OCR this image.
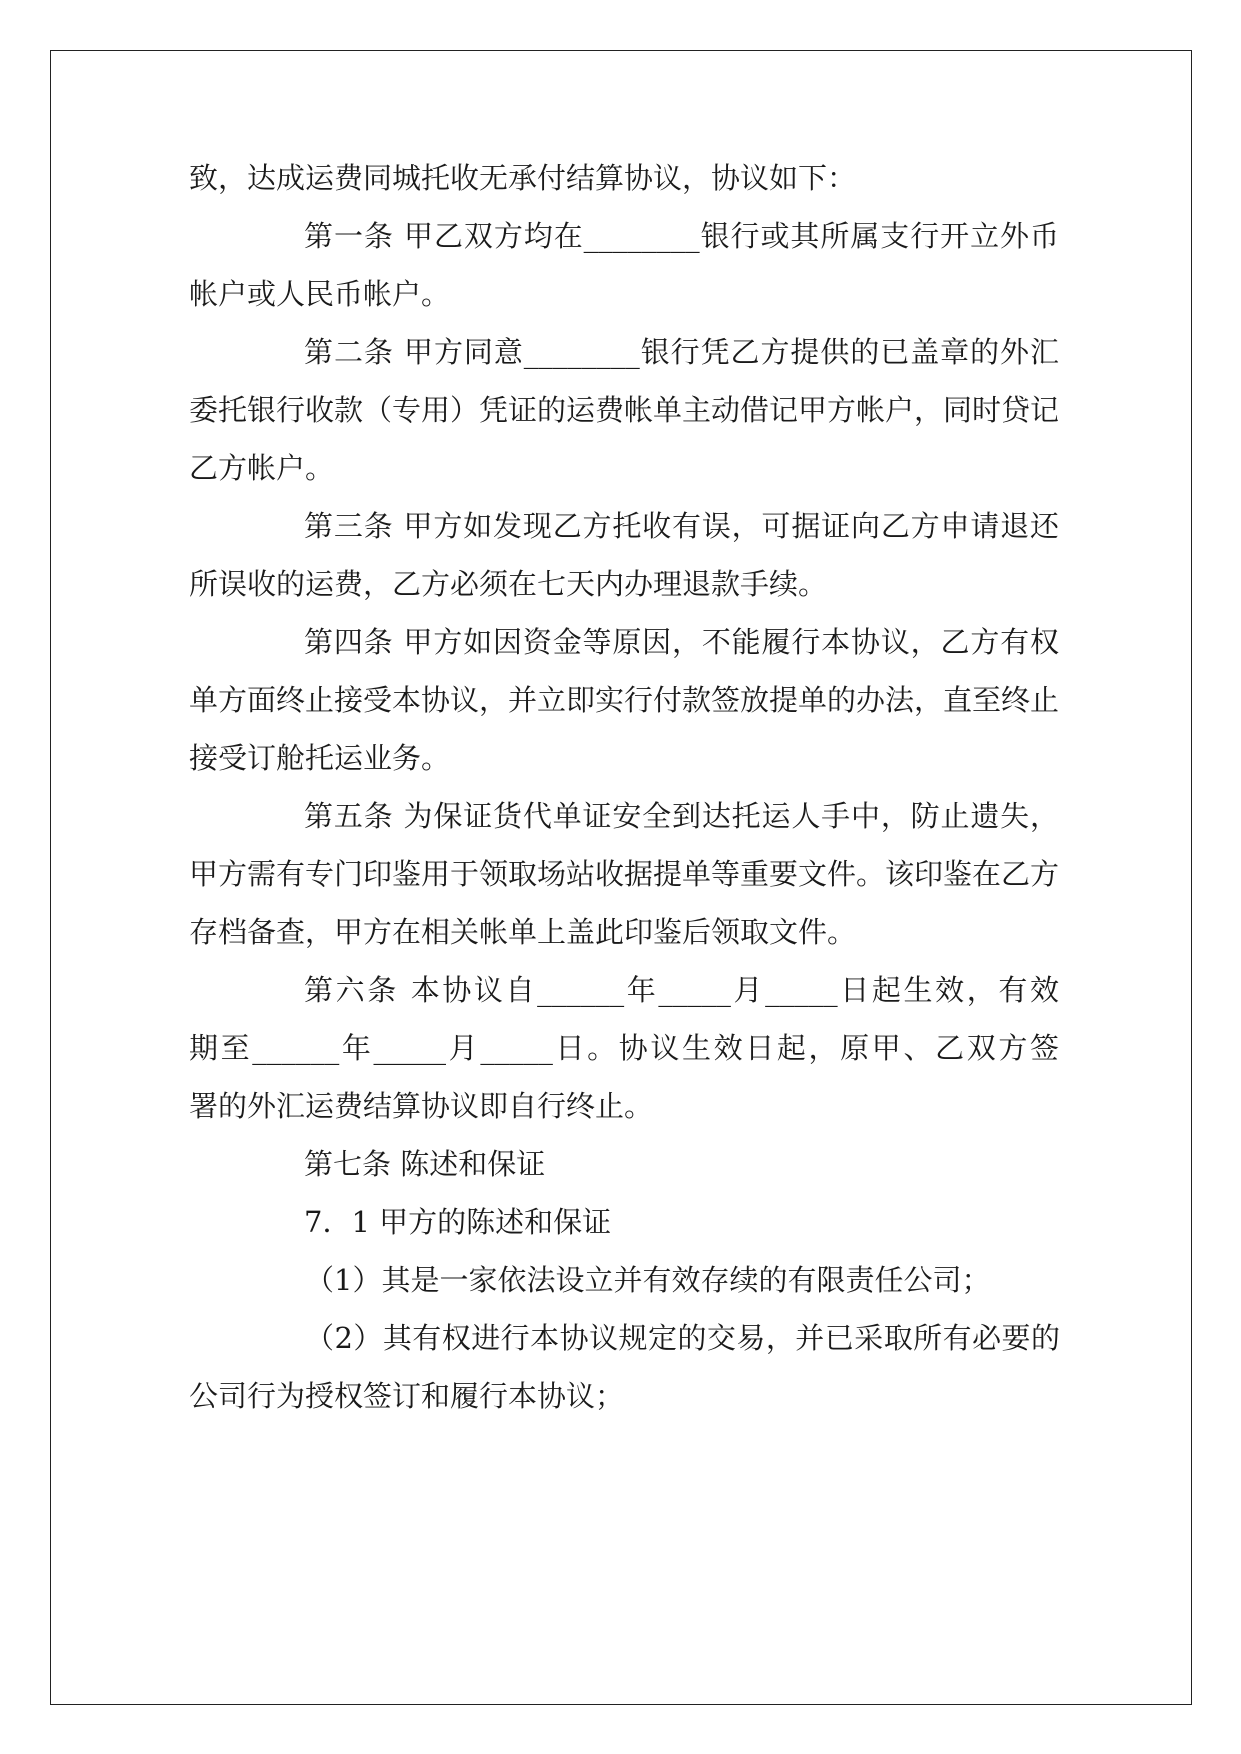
致，达成运费同城托收无承付结算协议，协议如下：
第一条 甲乙双方均在________银行或其所属支行开立外币
帐户或人民币帐户。
第二条 甲方同意________银行凭乙方提供的已盖章的外汇
委托银行收款（专用）凭证的运费帐单主动借记甲方帐户，同时贷记
乙方帐户。
第三条 甲方如发现乙方托收有误，可据证向乙方申请退还
所误收的运费，乙方必须在七天内办理退款手续。
第四条 甲方如因资金等原因，不能履行本协议，乙方有权
单方面终止接受本协议，并立即实行付款签放提单的办法，直至终止
接受订舱托运业务。
第五条 为保证货代单证安全到达托运人手中，防止遗失，
甲方需有专门印鉴用于领取场站收据提单等重要文件。该印鉴在乙方
存档备查，甲方在相关帐单上盖此印鉴后领取文件。
第六条 本协议自______年_____月_____日起生效，有效
期至______年_____月_____日。协议生效日起，原甲、乙双方签
署的外汇运费结算协议即自行终止。
第七条 陈述和保证
7．1 甲方的陈述和保证
（1）其是一家依法设立并有效存续的有限责任公司；
（2）其有权进行本协议规定的交易，并已采取所有必要的
公司行为授权签订和履行本协议；
